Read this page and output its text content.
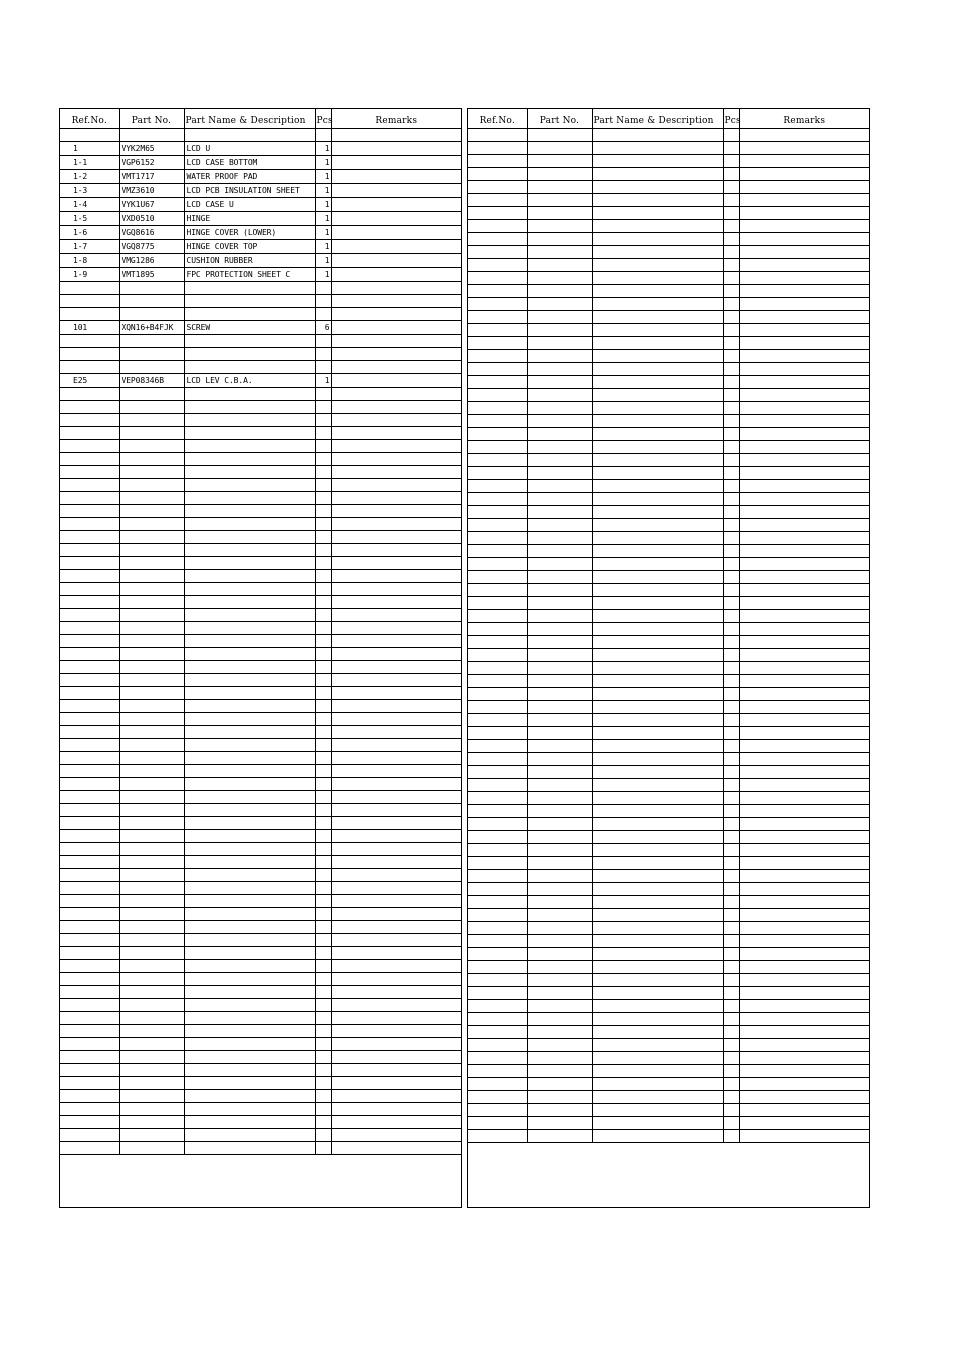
Ref.No.	Part No.	Part Name & Description	Pcs	Remarks

1	VYK2M65	LCD U	1	
1-1	VGP6152	LCD CASE BOTTOM	1	
1-2	VMT1717	WATER PROOF PAD	1	
1-3	VMZ3610	LCD PCB INSULATION SHEET	1	
1-4	VYK1U67	LCD CASE U	1	
1-5	VXD0510	HINGE	1	
1-6	VGQ8616	HINGE COVER (LOWER)	1	
1-7	VGQ8775	HINGE COVER TOP	1	
1-8	VMG1286	CUSHION RUBBER	1	
1-9	VMT1895	FPC PROTECTION SHEET C	1	

101	XQN16+B4FJK	SCREW	6	

E25	VEP08346B	LCD LEV C.B.A.	1	

Ref.No.	Part No.	Part Name & Description	Pcs	Remarks
